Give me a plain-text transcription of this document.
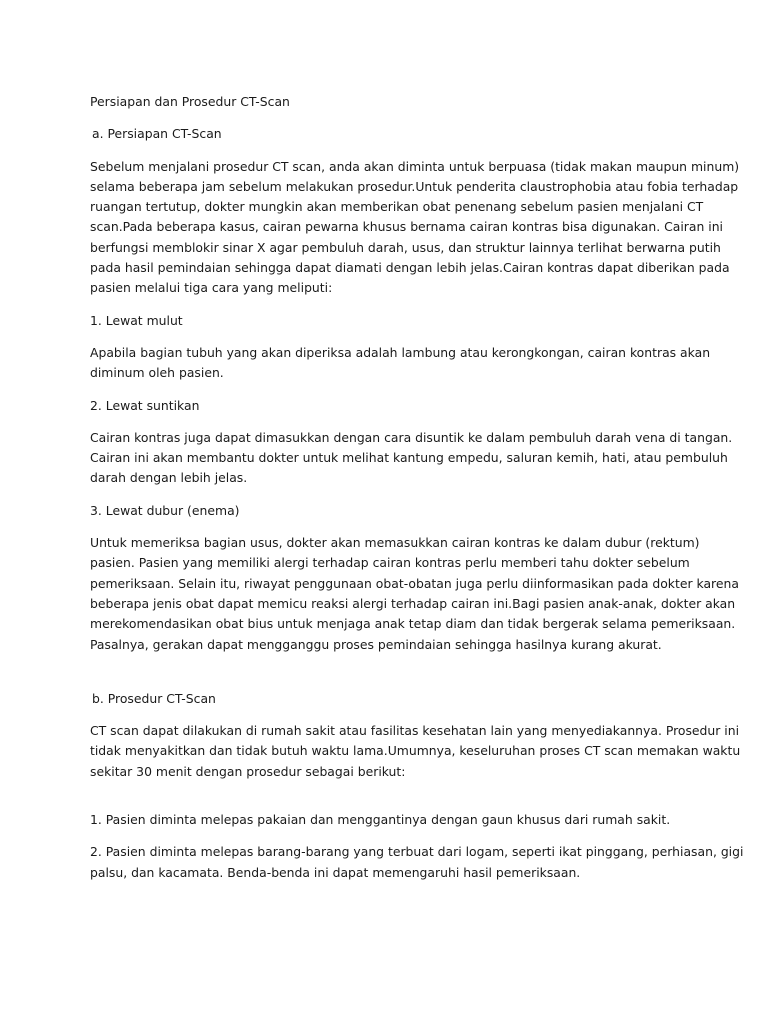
Persiapan dan Prosedur CT-Scan
a. Persiapan CT-Scan
Sebelum menjalani prosedur CT scan, anda akan diminta untuk berpuasa (tidak makan maupun minum)
selama beberapa jam sebelum melakukan prosedur.Untuk penderita claustrophobia atau fobia terhadap
ruangan tertutup, dokter mungkin akan memberikan obat penenang sebelum pasien menjalani CT
scan.Pada beberapa kasus, cairan pewarna khusus bernama cairan kontras bisa digunakan. Cairan ini
berfungsi memblokir sinar X agar pembuluh darah, usus, dan struktur lainnya terlihat berwarna putih
pada hasil pemindaian sehingga dapat diamati dengan lebih jelas.Cairan kontras dapat diberikan pada
pasien melalui tiga cara yang meliputi:
1. Lewat mulut
Apabila bagian tubuh yang akan diperiksa adalah lambung atau kerongkongan, cairan kontras akan
diminum oleh pasien.
2. Lewat suntikan
Cairan kontras juga dapat dimasukkan dengan cara disuntik ke dalam pembuluh darah vena di tangan.
Cairan ini akan membantu dokter untuk melihat kantung empedu, saluran kemih, hati, atau pembuluh
darah dengan lebih jelas.
3. Lewat dubur (enema)
Untuk memeriksa bagian usus, dokter akan memasukkan cairan kontras ke dalam dubur (rektum)
pasien. Pasien yang memiliki alergi terhadap cairan kontras perlu memberi tahu dokter sebelum
pemeriksaan. Selain itu, riwayat penggunaan obat-obatan juga perlu diinformasikan pada dokter karena
beberapa jenis obat dapat memicu reaksi alergi terhadap cairan ini.Bagi pasien anak-anak, dokter akan
merekomendasikan obat bius untuk menjaga anak tetap diam dan tidak bergerak selama pemeriksaan.
Pasalnya, gerakan dapat mengganggu proses pemindaian sehingga hasilnya kurang akurat.
b. Prosedur CT-Scan
CT scan dapat dilakukan di rumah sakit atau fasilitas kesehatan lain yang menyediakannya. Prosedur ini
tidak menyakitkan dan tidak butuh waktu lama.Umumnya, keseluruhan proses CT scan memakan waktu
sekitar 30 menit dengan prosedur sebagai berikut:
1. Pasien diminta melepas pakaian dan menggantinya dengan gaun khusus dari rumah sakit.
2. Pasien diminta melepas barang-barang yang terbuat dari logam, seperti ikat pinggang, perhiasan, gigi
palsu, dan kacamata. Benda-benda ini dapat memengaruhi hasil pemeriksaan.
